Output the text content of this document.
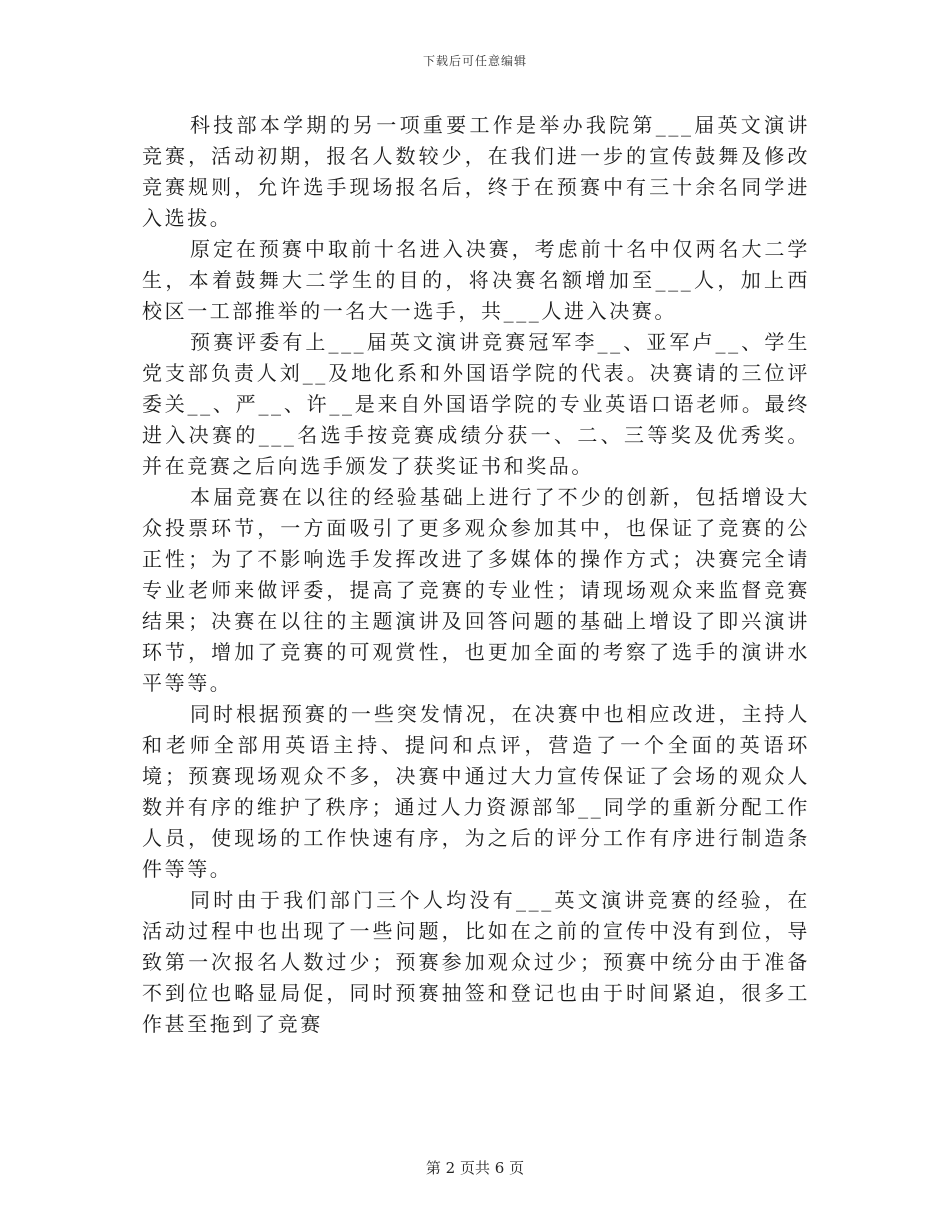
下载后可任意编辑

科技部本学期的另一项重要工作是举办我院第___届英文演讲竞赛，活动初期，报名人数较少，在我们进一步的宣传鼓舞及修改竞赛规则，允许选手现场报名后，终于在预赛中有三十余名同学进入选拔。

原定在预赛中取前十名进入决赛，考虑前十名中仅两名大二学生，本着鼓舞大二学生的目的，将决赛名额增加至___人，加上西校区一工部推举的一名大一选手，共___人进入决赛。

预赛评委有上___届英文演讲竞赛冠军李__、亚军卢__、学生党支部负责人刘__及地化系和外国语学院的代表。决赛请的三位评委关__、严__、许__是来自外国语学院的专业英语口语老师。最终进入决赛的___名选手按竞赛成绩分获一、二、三等奖及优秀奖。并在竞赛之后向选手颁发了获奖证书和奖品。

本届竞赛在以往的经验基础上进行了不少的创新，包括增设大众投票环节，一方面吸引了更多观众参加其中，也保证了竞赛的公正性；为了不影响选手发挥改进了多媒体的操作方式；决赛完全请专业老师来做评委，提高了竞赛的专业性；请现场观众来监督竞赛结果；决赛在以往的主题演讲及回答问题的基础上增设了即兴演讲环节，增加了竞赛的可观赏性，也更加全面的考察了选手的演讲水平等等。

同时根据预赛的一些突发情况，在决赛中也相应改进，主持人和老师全部用英语主持、提问和点评，营造了一个全面的英语环境；预赛现场观众不多，决赛中通过大力宣传保证了会场的观众人数并有序的维护了秩序；通过人力资源部邹__同学的重新分配工作人员，使现场的工作快速有序，为之后的评分工作有序进行制造条件等等。

同时由于我们部门三个人均没有___英文演讲竞赛的经验，在活动过程中也出现了一些问题，比如在之前的宣传中没有到位，导致第一次报名人数过少；预赛参加观众过少；预赛中统分由于准备不到位也略显局促，同时预赛抽签和登记也由于时间紧迫，很多工作甚至拖到了竞赛

第 2 页共 6 页
